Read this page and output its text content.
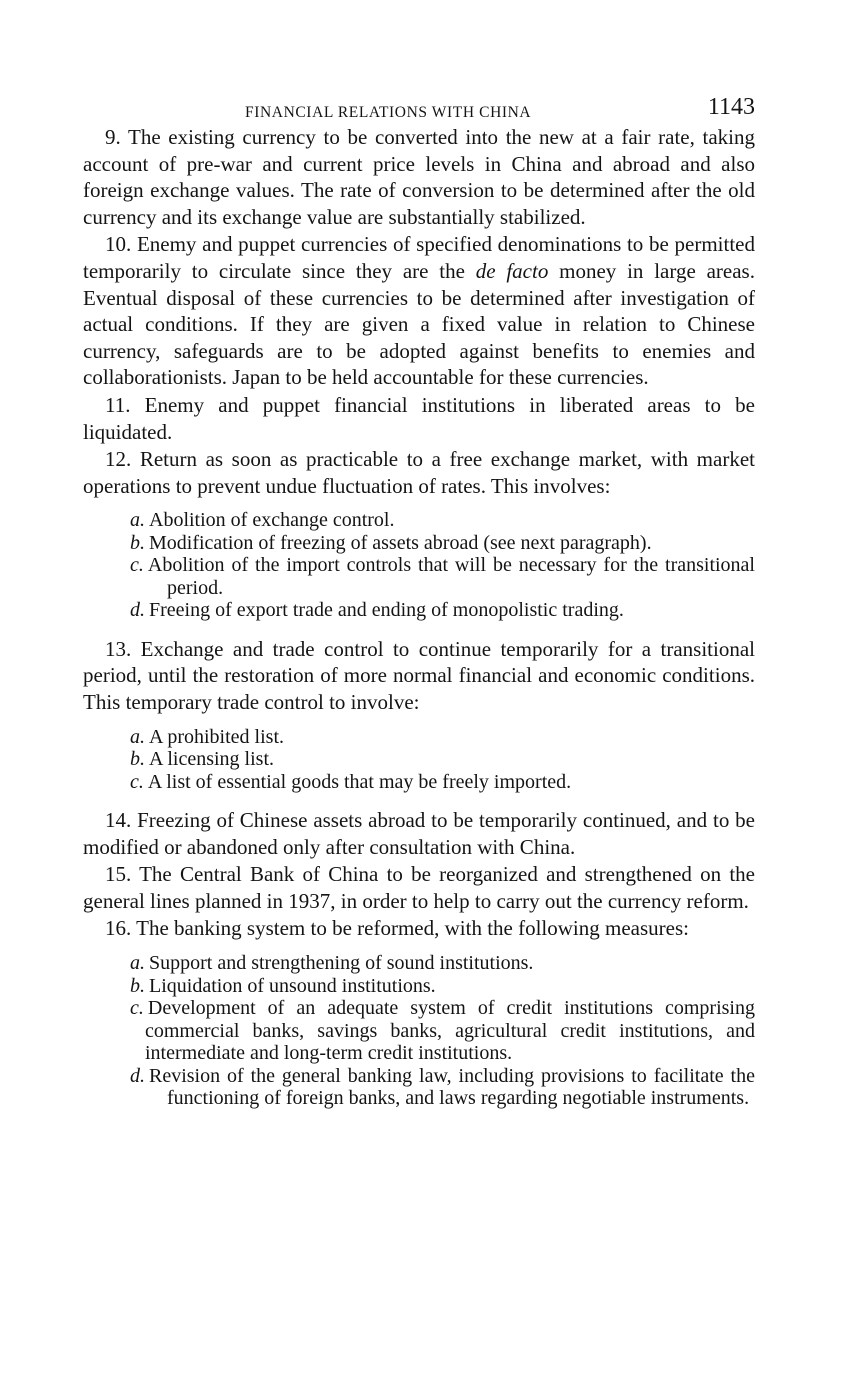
FINANCIAL RELATIONS WITH CHINA	1143

9. The existing currency to be converted into the new at a fair rate, taking account of pre-war and current price levels in China and abroad and also foreign exchange values. The rate of conversion to be determined after the old currency and its exchange value are substantially stabilized.

10. Enemy and puppet currencies of specified denominations to be permitted temporarily to circulate since they are the de facto money in large areas. Eventual disposal of these currencies to be determined after investigation of actual conditions. If they are given a fixed value in relation to Chinese currency, safeguards are to be adopted against benefits to enemies and collaborationists. Japan to be held accountable for these currencies.

11. Enemy and puppet financial institutions in liberated areas to be liquidated.

12. Return as soon as practicable to a free exchange market, with market operations to prevent undue fluctuation of rates. This involves:

a. Abolition of exchange control.
b. Modification of freezing of assets abroad (see next paragraph).
c. Abolition of the import controls that will be necessary for the transitional period.
d. Freeing of export trade and ending of monopolistic trading.

13. Exchange and trade control to continue temporarily for a transitional period, until the restoration of more normal financial and economic conditions. This temporary trade control to involve:

a. A prohibited list.
b. A licensing list.
c. A list of essential goods that may be freely imported.

14. Freezing of Chinese assets abroad to be temporarily continued, and to be modified or abandoned only after consultation with China.

15. The Central Bank of China to be reorganized and strengthened on the general lines planned in 1937, in order to help to carry out the currency reform.

16. The banking system to be reformed, with the following measures:

a. Support and strengthening of sound institutions.
b. Liquidation of unsound institutions.
c. Development of an adequate system of credit institutions comprising commercial banks, savings banks, agricultural credit institutions, and intermediate and long-term credit institutions.
d. Revision of the general banking law, including provisions to facilitate the functioning of foreign banks, and laws regarding negotiable instruments.
